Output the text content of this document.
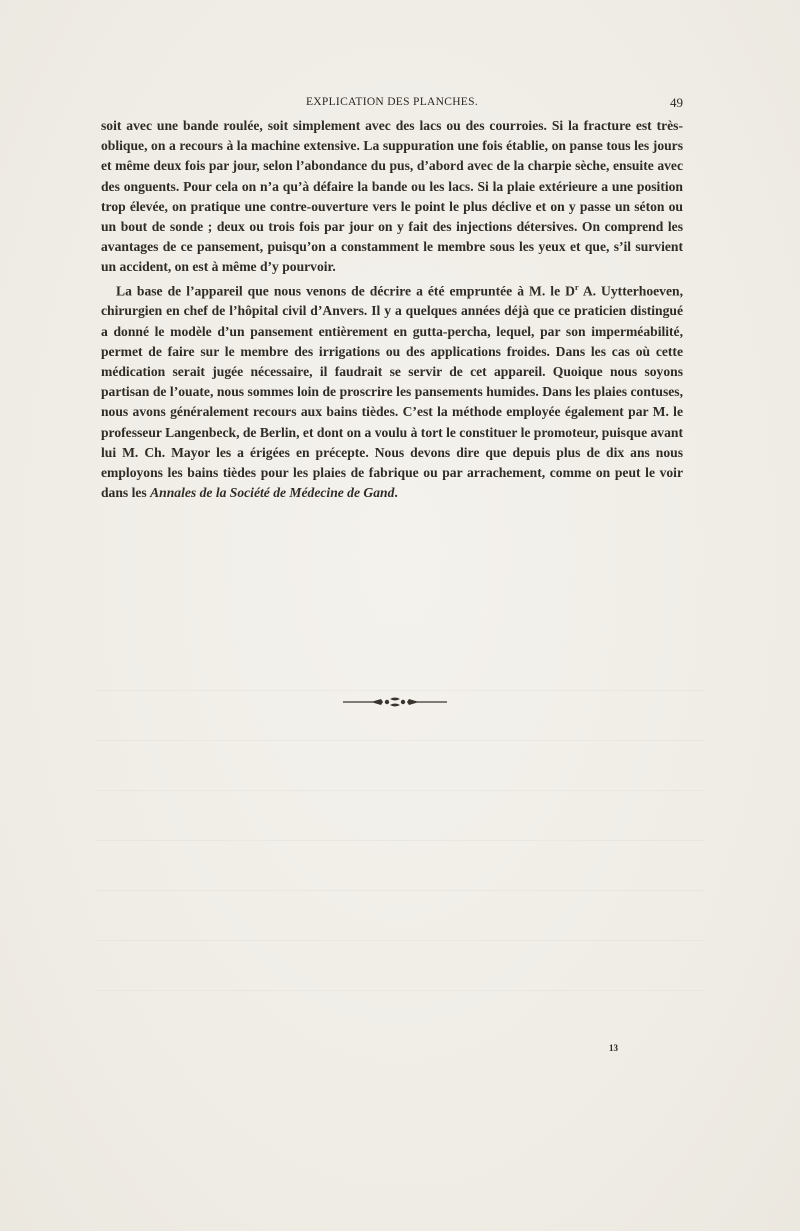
EXPLICATION DES PLANCHES.	49

soit avec une bande roulée, soit simplement avec des lacs ou des courroies. Si la fracture est très-oblique, on a recours à la machine extensive. La suppuration une fois établie, on panse tous les jours et même deux fois par jour, selon l’abondance du pus, d’abord avec de la charpie sèche, ensuite avec des onguents. Pour cela on n’a qu’à défaire la bande ou les lacs. Si la plaie extérieure a une position trop élevée, on pratique une contre-ouverture vers le point le plus déclive et on y passe un séton ou un bout de sonde ; deux ou trois fois par jour on y fait des injections détersives. On comprend les avantages de ce pansement, puisqu’on a constamment le membre sous les yeux et que, s’il survient un accident, on est à même d’y pourvoir.

La base de l’appareil que nous venons de décrire a été empruntée à M. le $D^r$ A. Uytterhoeven, chirurgien en chef de l’hôpital civil d’Anvers. Il y a quelques années déjà que ce praticien distingué a donné le modèle d’un pansement entièrement en gutta-percha, lequel, par son imperméabilité, permet de faire sur le membre des irrigations ou des applications froides. Dans les cas où cette médication serait jugée nécessaire, il faudrait se servir de cet appareil. Quoique nous soyons partisan de l’ouate, nous sommes loin de proscrire les pansements humides. Dans les plaies contuses, nous avons généralement recours aux bains tièdes. C’est la méthode employée également par M. le professeur Langenbeck, de Berlin, et dont on a voulu à tort le constituer le promoteur, puisque avant lui M. Ch. Mayor les a érigées en précepte. Nous devons dire que depuis plus de dix ans nous employons les bains tièdes pour les plaies de fabrique ou par arrachement, comme on peut le voir dans les Annales de la Société de Médecine de Gand.

13
